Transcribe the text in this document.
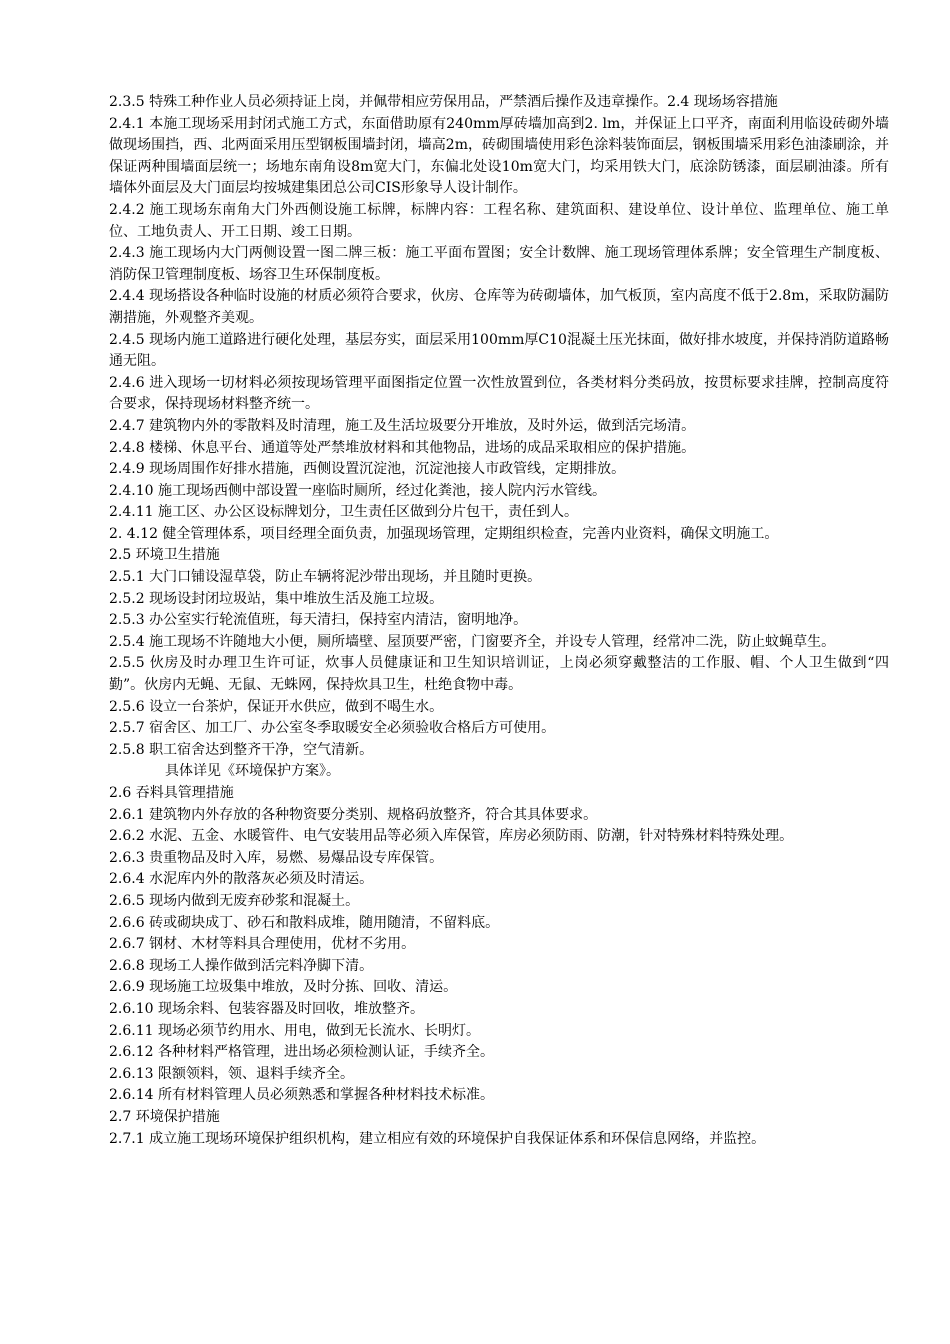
2.3.5 特殊工种作业人员必须持证上岗，并佩带相应劳保用品，严禁酒后操作及违章操作。2.4 现场场容措施

2.4.1 本施工现场采用封闭式施工方式，东面借助原有240mm厚砖墙加高到2. lm，并保证上口平齐，南面利用临设砖砌外墙做现场围挡，西、北两面采用压型钢板围墙封闭，墙高2m，砖砌围墙使用彩色涂料装饰面层，钢板围墙采用彩色油漆刷涂，并保证两种围墙面层统一；场地东南角设8m宽大门，东偏北处设10m宽大门，均采用铁大门，底涂防锈漆，面层刷油漆。所有墙体外面层及大门面层均按城建集团总公司CIS形象导人设计制作。

2.4.2 施工现场东南角大门外西侧设施工标牌，标牌内容：工程名称、建筑面积、建设单位、设计单位、监理单位、施工单位、工地负责人、开工日期、竣工日期。

2.4.3 施工现场内大门两侧设置一图二牌三板：施工平面布置图；安全计数牌、施工现场管理体系牌；安全管理生产制度板、消防保卫管理制度板、场容卫生环保制度板。

2.4.4 现场搭设各种临时设施的材质必须符合要求，伙房、仓库等为砖砌墙体，加气板顶，室内高度不低于2.8m，采取防漏防潮措施，外观整齐美观。

2.4.5 现场内施工道路进行硬化处理，基层夯实，面层采用100mm厚C10混凝土压光抹面，做好排水坡度，并保持消防道路畅通无阻。

2.4.6 进入现场一切材料必须按现场管理平面图指定位置一次性放置到位，各类材料分类码放，按贯标要求挂牌，控制高度符合要求，保持现场材料整齐统一。

2.4.7 建筑物内外的零散料及时清理，施工及生活垃圾要分开堆放，及时外运，做到活完场清。

2.4.8 楼梯、休息平台、通道等处严禁堆放材料和其他物品，进场的成品采取相应的保护措施。

2.4.9 现场周围作好排水措施，西侧设置沉淀池，沉淀池接人市政管线，定期排放。

2.4.10 施工现场西侧中部设置一座临时厕所，经过化粪池，接人院内污水管线。

2.4.11 施工区、办公区设标牌划分，卫生责任区做到分片包干，责任到人。

2. 4.12 健全管理体系，项目经理全面负责，加强现场管理，定期组织检查，完善内业资料，确保文明施工。

2.5 环境卫生措施

2.5.1 大门口铺设湿草袋，防止车辆将泥沙带出现场，并且随时更换。

2.5.2 现场设封闭垃圾站，集中堆放生活及施工垃圾。

2.5.3 办公室实行轮流值班，每天清扫，保持室内清洁，窗明地净。

2.5.4 施工现场不许随地大小便，厕所墙壁、屋顶要严密，门窗要齐全，并设专人管理，经常冲二洗，防止蚊蝇草生。

2.5.5 伙房及时办理卫生许可证，炊事人员健康证和卫生知识培训证，上岗必须穿戴整洁的工作服、帽、个人卫生做到“四勤”。伙房内无蝇、无鼠、无蛛网，保持炊具卫生，杜绝食物中毒。

2.5.6 设立一台茶炉，保证开水供应，做到不喝生水。

2.5.7 宿舍区、加工厂、办公室冬季取暖安全必须验收合格后方可使用。

2.5.8 职工宿舍达到整齐干净，空气清新。

具体详见《环境保护方案》。

2.6 吞料具管理措施

2.6.1 建筑物内外存放的各种物资要分类别、规格码放整齐，符合其具体要求。

2.6.2 水泥、五金、水暖管件、电气安装用品等必须入库保管，库房必须防雨、防潮，针对特殊材料特殊处理。

2.6.3 贵重物品及时入库，易燃、易爆品设专库保管。

2.6.4 水泥库内外的散落灰必须及时清运。

2.6.5 现场内做到无废弃砂浆和混凝土。

2.6.6 砖或砌块成丁、砂石和散料成堆，随用随清，不留料底。

2.6.7 钢材、木材等料具合理使用，优材不劣用。

2.6.8 现场工人操作做到活完料净脚下清。

2.6.9 现场施工垃圾集中堆放，及时分拣、回收、清运。

2.6.10 现场余料、包装容器及时回收，堆放整齐。

2.6.11 现场必须节约用水、用电，做到无长流水、长明灯。

2.6.12 各种材料严格管理，进出场必须检测认证，手续齐全。

2.6.13 限额领料，领、退料手续齐全。

2.6.14 所有材料管理人员必须熟悉和掌握各种材料技术标准。

2.7 环境保护措施

2.7.1 成立施工现场环境保护组织机构，建立相应有效的环境保护自我保证体系和环保信息网络，并监控。
